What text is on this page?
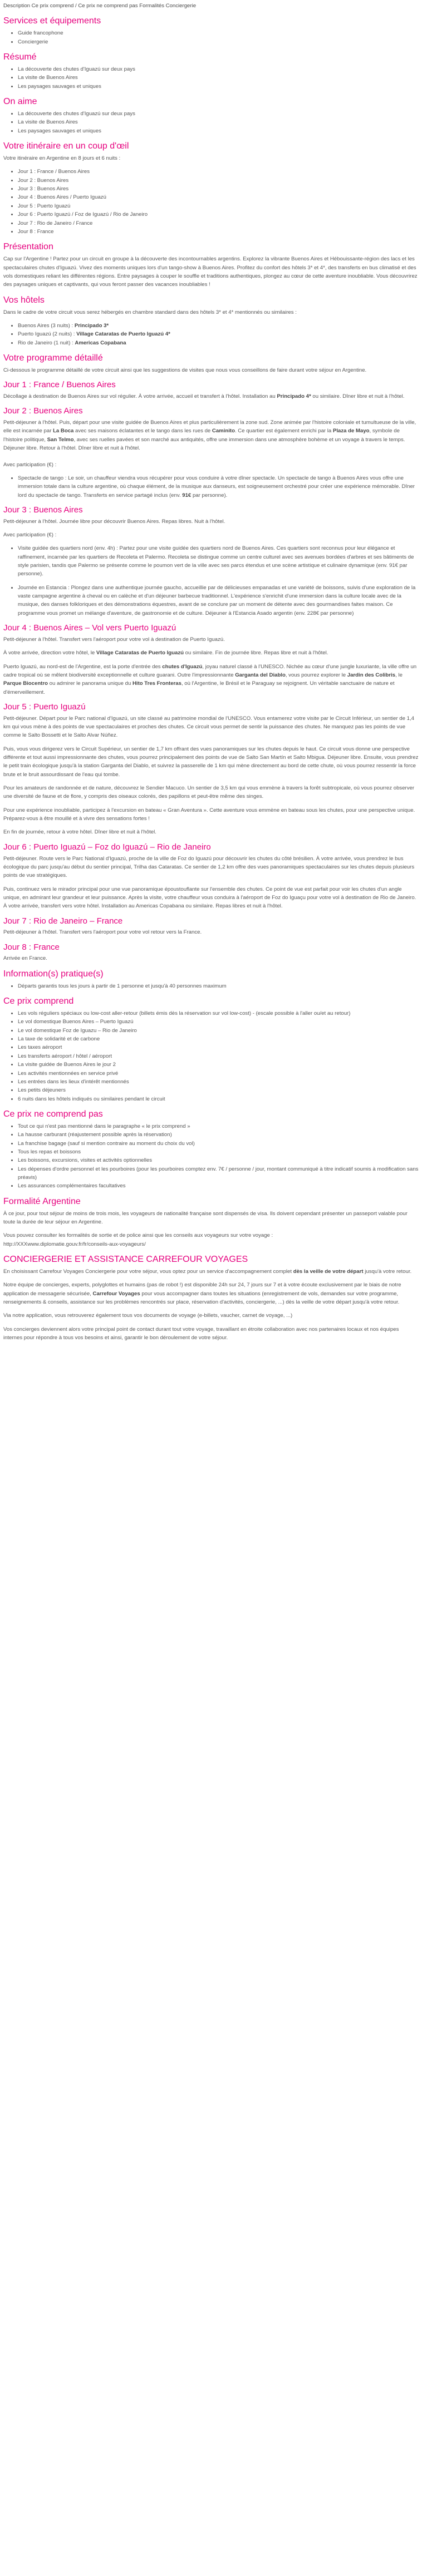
Description Ce prix comprend / Ce prix ne comprend pas Formalités Conciergerie

Services et équipements
• Guide francophone
• Conciergerie
Résumé
• La découverte des chutes d'Iguazú sur deux pays
• La visite de Buenos Aires
• Les paysages sauvages et uniques
On aime
• La découverte des chutes d'Iguazú sur deux pays
• La visite de Buenos Aires
• Les paysages sauvages et uniques
Votre itinéraire en un coup d'œil

Votre itinéraire en Argentine en 8 jours et 6 nuits :

• Jour 1 : France / Buenos Aires
• Jour 2 : Buenos Aires
• Jour 3 : Buenos Aires
• Jour 4 : Buenos Aires / Puerto Iguazú
• Jour 5 : Puerto Iguazú
• Jour 6 : Puerto Iguazú / Foz de Iguazú / Rio de Janeiro
• Jour 7 : Rio de Janeiro / France
• Jour 8 : France
Présentation

Cap sur l'Argentine ! Partez pour un circuit en groupe à la découverte des incontournables argentins. Explorez la vibrante Buenos Aires et Hébouissante-région des lacs et les spectaculaires chutes d'Iguazú. Vivez des moments uniques lors d'un tango-show à Buenos Aires. Profitez du confort des hôtels 3* et 4*, des transferts en bus climatisé et des vols domestiques reliant les différentes régions. Entre paysages à couper le souffle et traditions authentiques, plongez au cœur de cette aventure inoubliable. Vous découvrirez des paysages uniques et captivants, qui vous feront passer des vacances inoubliables !

Vos hôtels

Dans le cadre de votre circuit vous serez hébergés en chambre standard dans des hôtels 3* et 4* mentionnés ou similaires :

• Buenos Aires (3 nuits) : Principado 3*
• Puerto Iguazú (2 nuits) : Village Cataratas de Puerto Iguazú 4*
• Rio de Janeiro (1 nuit) : Americas Copabana
Votre programme détaillé

Ci-dessous le programme détaillé de votre circuit ainsi que les suggestions de visites que nous vous conseillons de faire durant votre séjour en Argentine.

Jour 1 : France / Buenos Aires

Décollage à destination de Buenos Aires sur vol régulier. À votre arrivée, accueil et transfert à l'hôtel. Installation au Principado 4* ou similaire. Dîner libre et nuit à l'hôtel.

Jour 2 : Buenos Aires

Petit-déjeuner à l'hôtel. Puis, départ pour une visite guidée de Buenos Aires et plus particulièrement la zone sud. Zone animée par l'histoire coloniale et tumultueuse de la ville, elle est incarnée par La Boca avec ses maisons éclatantes et le tango dans les rues de Caminito. Ce quartier est également enrichi par la Plaza de Mayo, symbole de l'histoire politique, San Telmo, avec ses ruelles pavées et son marché aux antiquités, offre une immersion dans une atmosphère bohème et un voyage à travers le temps. Déjeuner libre. Retour à l'hôtel. Dîner libre et nuit à l'hôtel.

Avec participation (€) :

• Spectacle de tango : Le soir, un chauffeur viendra vous récupérer pour vous conduire à votre dîner spectacle. Un spectacle de tango à Buenos Aires vous offre une immersion totale dans la culture argentine, où chaque élément, de la musique aux danseurs, est soigneusement orchestré pour créer une expérience mémorable. Dîner lord du spectacle de tango. Transferts en service partagé inclus (env. 91€ par personne).
Jour 3 : Buenos Aires

Petit-déjeuner à l'hôtel. Journée libre pour découvrir Buenos Aires. Repas libres. Nuit à l'hôtel.

Avec participation (€) :

• Visite guidée des quartiers nord (env. 4h) : Partez pour une visite guidée des quartiers nord de Buenos Aires. Ces quartiers sont reconnus pour leur élégance et raffinement, incarnée par les quartiers de Recoleta et Palermo. Recoleta se distingue comme un centre culturel avec ses avenues bordées d'arbres et ses bâtiments de style parisien, tandis que Palermo se présente comme le poumon vert de la ville avec ses parcs étendus et une scène artistique et culinaire dynamique (env. 91€ par personne).
• Journée en Estancia : Plongez dans une authentique journée gaucho, accueillie par de délicieuses empanadas et une variété de boissons, suivis d'une exploration de la vaste campagne argentine à cheval ou en calèche et d'un déjeuner barbecue traditionnel. L'expérience s'enrichit d'une immersion dans la culture locale avec de la musique, des danses folkloriques et des démonstrations équestres, avant de se conclure par un moment de détente avec des gourmandises faites maison. Ce programme vous promet un mélange d'aventure, de gastronomie et de culture. Déjeuner à l'Estancia Asado argentin (env. 228€ par personne)
Jour 4 : Buenos Aires – Vol vers Puerto Iguazú

Petit-déjeuner à l'hôtel. Transfert vers l'aéroport pour votre vol à destination de Puerto Iguazú.

À votre arrivée, direction votre hôtel, le Village Cataratas de Puerto Iguazú ou similaire. Fin de journée libre. Repas libre et nuit à l'hôtel.

Puerto Iguazú, au nord-est de l'Argentine, est la porte d'entrée des chutes d'Iguazú, joyau naturel classé à l'UNESCO. Nichée au cœur d'une jungle luxuriante, la ville offre un cadre tropical où se mêlent biodiversité exceptionnelle et culture guarani. Outre l'impressionnante Garganta del Diablo, vous pourrez explorer le Jardin des Colibris, le Parque Biocentro ou admirer le panorama unique du Hito Tres Fronteras, où l'Argentine, le Brésil et le Paraguay se rejoignent. Un véritable sanctuaire de nature et d'émerveillement.

Jour 5 : Puerto Iguazú

Petit-déjeuner. Départ pour le Parc national d'Iguazú, un site classé au patrimoine mondial de l'UNESCO. Vous entamerez votre visite par le Circuit Inférieur, un sentier de 1,4 km qui vous mène à des points de vue spectaculaires et proches des chutes. Ce circuit vous permet de sentir la puissance des chutes. Ne manquez pas les points de vue comme le Salto Bossetti et le Salto Alvar Núñez.

Puis, vous vous dirigerez vers le Circuit Supérieur, un sentier de 1,7 km offrant des vues panoramiques sur les chutes depuis le haut. Ce circuit vous donne une perspective différente et tout aussi impressionnante des chutes, vous pourrez principalement des points de vue de Salto San Martín et Salto Mbigua. Déjeuner libre. Ensuite, vous prendrez le petit train écologique jusqu'à la station Garganta del Diablo, et suivrez la passerelle de 1 km qui mène directement au bord de cette chute, où vous pourrez ressentir la force brute et le bruit assourdissant de l'eau qui tombe.

Pour les amateurs de randonnée et de nature, découvrez le Sendier Macuco. Un sentier de 3,5 km qui vous emmène à travers la forêt subtropicale, où vous pourrez observer une diversité de faune et de flore, y compris des oiseaux colorés, des papillons et peut-être même des singes.

Pour une expérience inoubliable, participez à l'excursion en bateau « Gran Aventura ». Cette aventure vous emmène en bateau sous les chutes, pour une perspective unique. Préparez-vous à être mouillé et à vivre des sensations fortes !

En fin de journée, retour à votre hôtel. Dîner libre et nuit à l'hôtel.

Jour 6 : Puerto Iguazú – Foz do Iguazú – Rio de Janeiro

Petit-déjeuner. Route vers le Parc National d'Iguazú, proche de la ville de Foz do Iguazú pour découvrir les chutes du côté brésilien. À votre arrivée, vous prendrez le bus écologique du parc jusqu'au début du sentier principal, Trilha das Cataratas. Ce sentier de 1,2 km offre des vues panoramiques spectaculaires sur les chutes depuis plusieurs points de vue stratégiques.

Puis, continuez vers le mirador principal pour une vue panoramique époustouflante sur l'ensemble des chutes. Ce point de vue est parfait pour voir les chutes d'un angle unique, en admirant leur grandeur et leur puissance. Après la visite, votre chauffeur vous conduira à l'aéroport de Foz do Iguaçu pour votre vol à destination de Rio de Janeiro. À votre arrivée, transfert vers votre hôtel. Installation au Americas Copabana ou similaire. Repas libres et nuit à l'hôtel.

Jour 7 : Rio de Janeiro – France

Petit-déjeuner à l'hôtel. Transfert vers l'aéroport pour votre vol retour vers la France.

Jour 8 : France

Arrivée en France.

Information(s) pratique(s)
• Départs garantis tous les jours à partir de 1 personne et jusqu'à 40 personnes maximum
Ce prix comprend
• Les vols réguliers spéciaux ou low-cost aller-retour (billets émis dès la réservation sur vol low-cost) - (escale possible à l'aller ou/et au retour)
• Le vol domestique Buenos Aires – Puerto Iguazú
• Le vol domestique Foz de Iguazu – Rio de Janeiro
• La taxe de solidarité et de carbone
• Les taxes aéroport
• Les transferts aéroport / hôtel / aéroport
• La visite guidée de Buenos Aires le jour 2
• Les activités mentionnées en service privé
• Les entrées dans les lieux d'intérêt mentionnés
• Les petits déjeuners
• 6 nuits dans les hôtels indiqués ou similaires pendant le circuit
Ce prix ne comprend pas
• Tout ce qui n'est pas mentionné dans le paragraphe « le prix comprend »
• La hausse carburant (réajustement possible après la réservation)
• La franchise bagage (sauf si mention contraire au moment du choix du vol)
• Tous les repas et boissons
• Les boissons, excursions, visites et activités optionnelles
• Les dépenses d'ordre personnel et les pourboires (pour les pourboires comptez env. 7€ / personne / jour, montant communiqué à titre indicatif soumis à modification sans préavis)
• Les assurances complémentaires facultatives
Formalité Argentine

À ce jour, pour tout séjour de moins de trois mois, les voyageurs de nationalité française sont dispensés de visa. Ils doivent cependant présenter un passeport valable pour toute la durée de leur séjour en Argentine.

Vous pouvez consulter les formalités de sortie et de police ainsi que les conseils aux voyageurs sur votre voyage :

http://XXXwww.diplomatie.gouv.fr/fr/conseils-aux-voyageurs/

CONCIERGERIE ET ASSISTANCE CARREFOUR VOYAGES

En choisissant Carrefour Voyages Conciergerie pour votre séjour, vous optez pour un service d'accompagnement complet dès la veille de votre départ jusqu'à votre retour.

Notre équipe de concierges, experts, polyglottes et humains (pas de robot !) est disponible 24h sur 24, 7 jours sur 7 et à votre écoute exclusivement par le biais de notre application de messagerie sécurisée, Carrefour Voyages pour vous accompagner dans toutes les situations (enregistrement de vols, demandes sur votre programme, renseignements & conseils, assistance sur les problèmes rencontrés sur place, réservation d'activités, conciergerie, ...) dès la veille de votre départ jusqu'à votre retour.

Via notre application, vous retrouverez également tous vos documents de voyage (e-billets, vaucher, carnet de voyage, ...)

Vos concierges deviennent alors votre principal point de contact durant tout votre voyage, travaillant en étroite collaboration avec nos partenaires locaux et nos équipes internes pour répondre à tous vos besoins et ainsi, garantir le bon déroulement de votre séjour.
